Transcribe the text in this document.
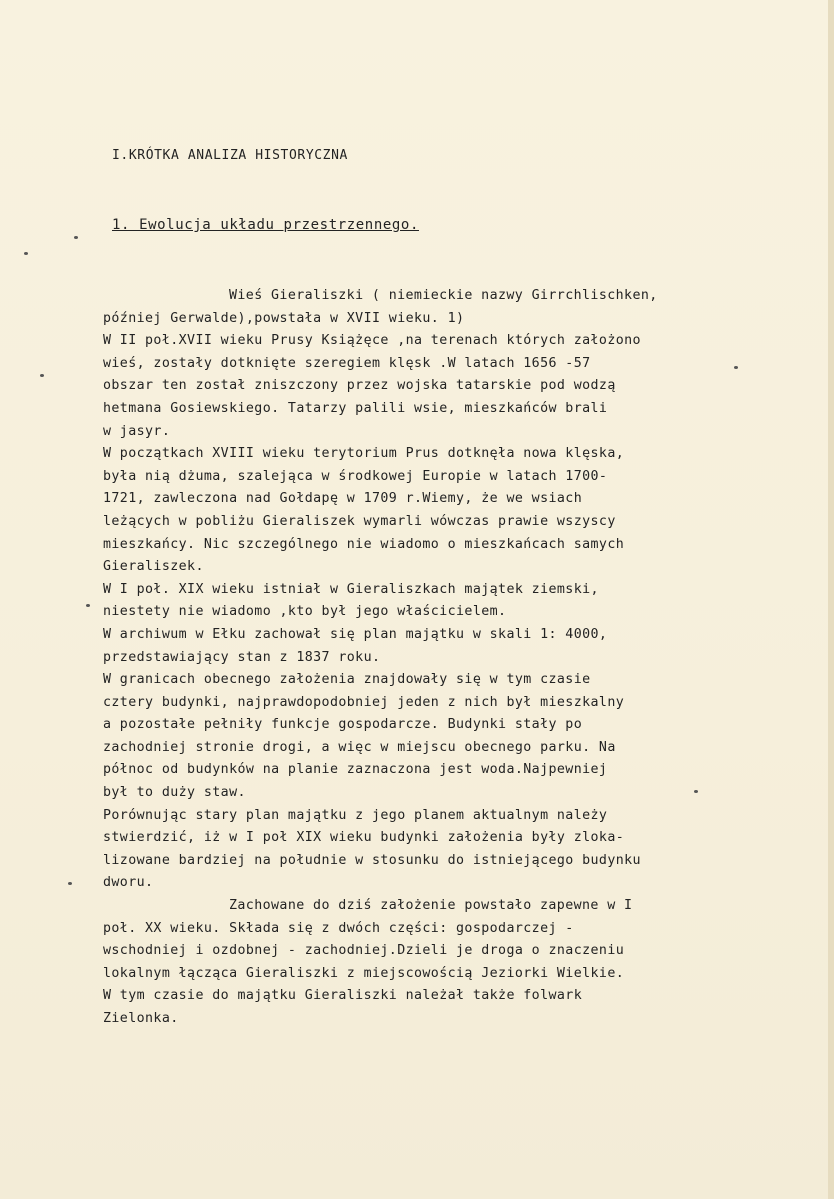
I.KRÓTKA ANALIZA HISTORYCZNA
1. Ewolucja układu przestrzennego.
Wieś Gieraliszki ( niemieckie nazwy Girrchlischken,
później Gerwalde),powstała w XVII wieku. 1)
W II poł.XVII wieku Prusy Książęce ,na terenach których założono
wieś, zostały dotknięte szeregiem klęsk .W latach 1656 -57
obszar ten został zniszczony przez wojska tatarskie pod wodzą
hetmana Gosiewskiego. Tatarzy palili wsie, mieszkańców brali
w jasyr.
W początkach XVIII wieku terytorium Prus dotknęła nowa klęska,
była nią dżuma, szalejąca w środkowej Europie w latach 1700-
1721, zawleczona nad Gołdapę w 1709 r.Wiemy, że we wsiach
leżących w pobliżu Gieraliszek wymarli wówczas prawie wszyscy
mieszkańcy. Nic szczególnego nie wiadomo o mieszkańcach samych
Gieraliszek.
W I poł. XIX wieku istniał w Gieraliszkach majątek ziemski,
niestety nie wiadomo ,kto był jego właścicielem.
W archiwum w Ełku zachował się plan majątku w skali 1: 4000,
przedstawiający stan z 1837 roku.
W granicach obecnego założenia znajdowały się w tym czasie
cztery budynki, najprawdopodobniej jeden z nich był mieszkalny
a pozostałe pełniły funkcje gospodarcze. Budynki stały po
zachodniej stronie drogi, a więc w miejscu obecnego parku. Na
północ od budynków na planie zaznaczona jest woda.Najpewniej
był to duży staw.
Porównując stary plan majątku z jego planem aktualnym należy
stwierdzić, iż w I poł XIX wieku budynki założenia były zloka-
lizowane bardziej na południe w stosunku do istniejącego budynku
dworu.
Zachowane do dziś założenie powstało zapewne w I
poł. XX wieku. Składa się z dwóch części: gospodarczej -
wschodniej i ozdobnej - zachodniej.Dzieli je droga o znaczeniu
lokalnym łącząca Gieraliszki z miejscowością Jeziorki Wielkie.
W tym czasie do majątku Gieraliszki należał także folwark
Zielonka.
